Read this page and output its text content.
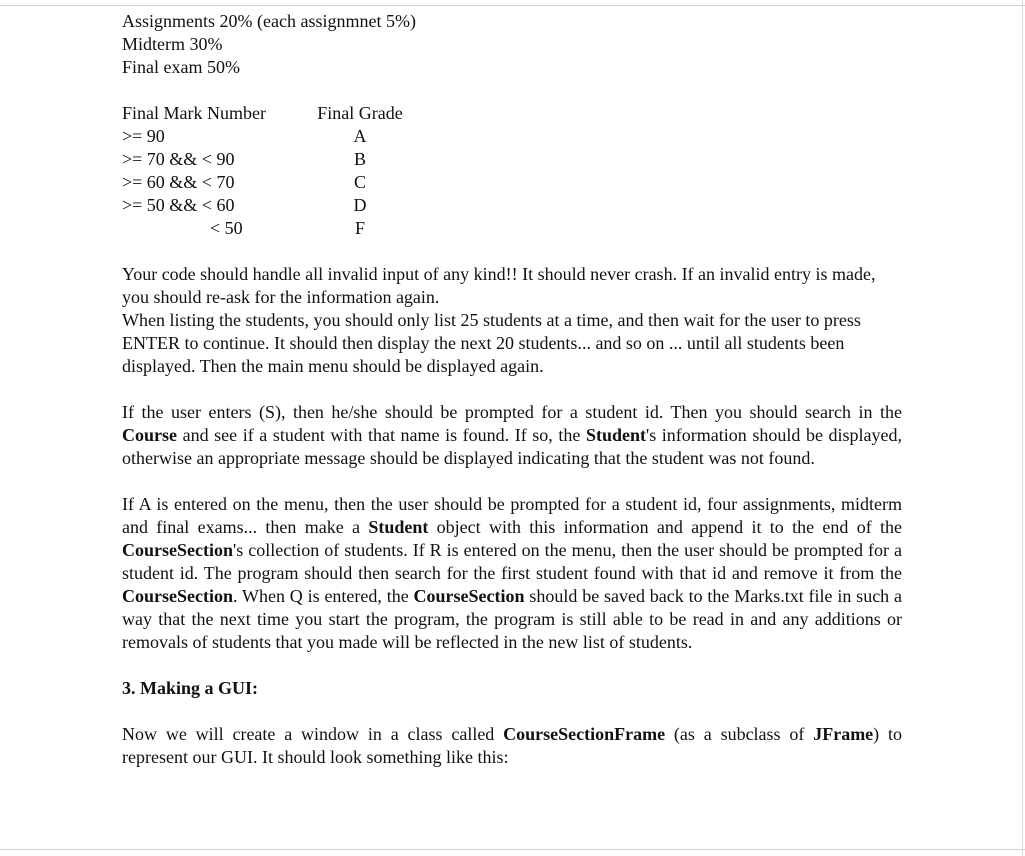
Assignments 20% (each assignmnet 5%)
Midterm 30%
Final exam 50%
Final Mark Number	Final Grade
>= 90	A
>= 70 && < 90	B
>= 60 && < 70	C
>= 50 && < 60	D
< 50	F
Your code should handle all invalid input of any kind!! It should never crash. If an invalid entry is made, you should re-ask for the information again.
When listing the students, you should only list 25 students at a time, and then wait for the user to press ENTER to continue. It should then display the next 20 students... and so on ... until all students been displayed. Then the main menu should be displayed again.
If the user enters (S), then he/she should be prompted for a student id. Then you should search in the Course and see if a student with that name is found. If so, the Student's information should be displayed, otherwise an appropriate message should be displayed indicating that the student was not found.
If A is entered on the menu, then the user should be prompted for a student id, four assignments, midterm and final exams... then make a Student object with this information and append it to the end of the CourseSection's collection of students. If R is entered on the menu, then the user should be prompted for a student id. The program should then search for the first student found with that id and remove it from the CourseSection. When Q is entered, the CourseSection should be saved back to the Marks.txt file in such a way that the next time you start the program, the program is still able to be read in and any additions or removals of students that you made will be reflected in the new list of students.
3. Making a GUI:
Now we will create a window in a class called CourseSectionFrame (as a subclass of JFrame) to represent our GUI. It should look something like this:
